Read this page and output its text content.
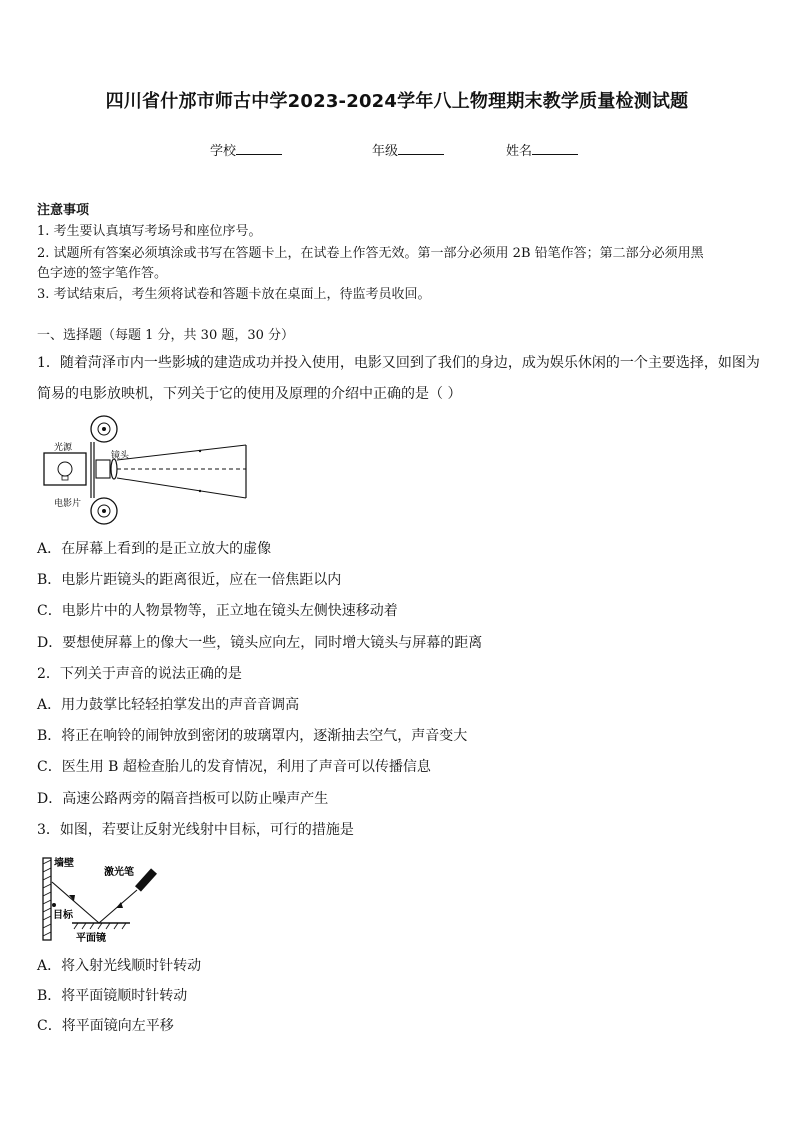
四川省什邡市师古中学2023-2024学年八上物理期末教学质量检测试题
学校	年级	姓名
注意事项
1. 考生要认真填写考场号和座位序号。
2. 试题所有答案必须填涂或书写在答题卡上，在试卷上作答无效。第一部分必须用 2B 铅笔作答；第二部分必须用黑
色字迹的签字笔作答。
3. 考试结束后，考生须将试卷和答题卡放在桌面上，待监考员收回。
一、选择题（每题 1 分，共 30 题，30 分）
1．随着菏泽市内一些影城的建造成功并投入使用，电影又回到了我们的身边，成为娱乐休闲的一个主要选择，如图为
简易的电影放映机，下列关于它的使用及原理的介绍中正确的是（ ）
光源
镜头
电影片
A．在屏幕上看到的是正立放大的虚像
B．电影片距镜头的距离很近，应在一倍焦距以内
C．电影片中的人物景物等，正立地在镜头左侧快速移动着
D．要想使屏幕上的像大一些，镜头应向左，同时增大镜头与屏幕的距离
2．下列关于声音的说法正确的是
A．用力鼓掌比轻轻拍掌发出的声音音调高
B．将正在响铃的闹钟放到密闭的玻璃罩内，逐渐抽去空气，声音变大
C．医生用 B 超检查胎儿的发育情况，利用了声音可以传播信息
D．高速公路两旁的隔音挡板可以防止噪声产生
3．如图，若要让反射光线射中目标，可行的措施是
墙壁
激光笔
目标
平面镜
A．将入射光线顺时针转动
B．将平面镜顺时针转动
C．将平面镜向左平移
